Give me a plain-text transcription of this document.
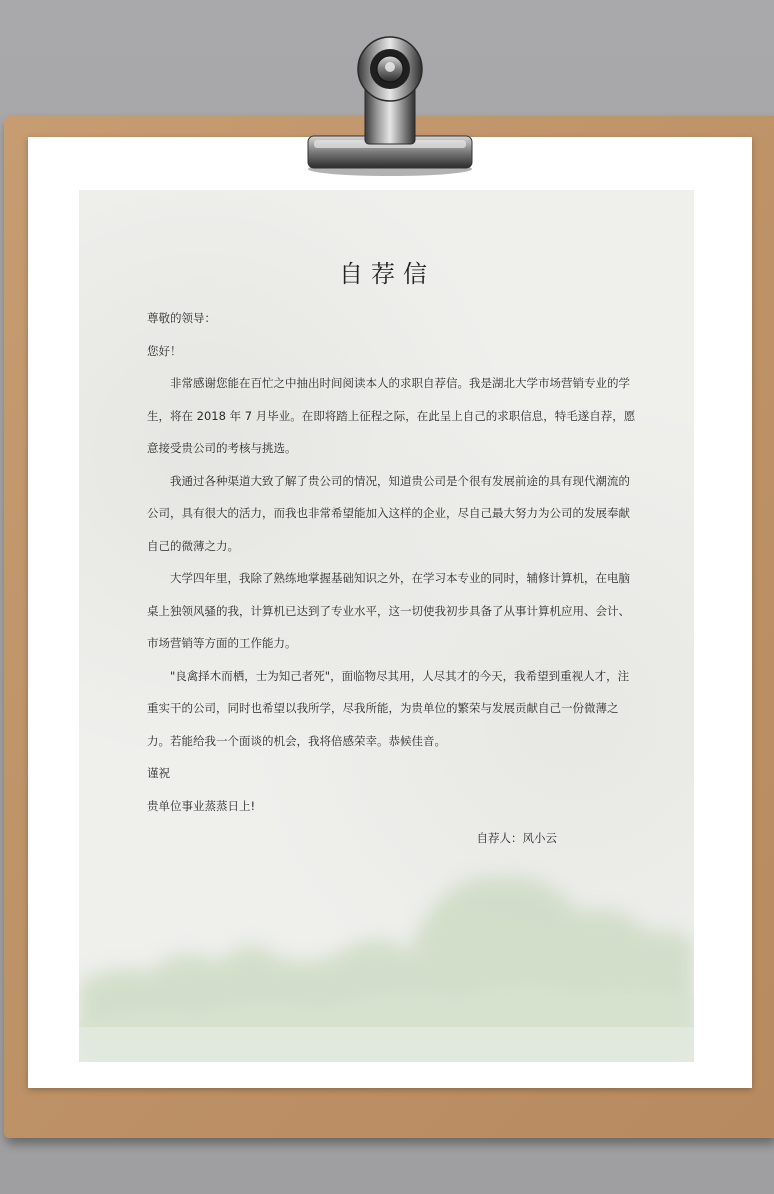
自荐信

尊敬的领导：

您好！

非常感谢您能在百忙之中抽出时间阅读本人的求职自荐信。我是湖北大学市场营销专业的学生，将在 2018 年 7 月毕业。在即将踏上征程之际，在此呈上自己的求职信息，特毛遂自荐，愿意接受贵公司的考核与挑选。

我通过各种渠道大致了解了贵公司的情况，知道贵公司是个很有发展前途的具有现代潮流的公司，具有很大的活力，而我也非常希望能加入这样的企业，尽自己最大努力为公司的发展奉献自己的微薄之力。

大学四年里，我除了熟练地掌握基础知识之外，在学习本专业的同时，辅修计算机，在电脑桌上独领风骚的我，计算机已达到了专业水平，这一切使我初步具备了从事计算机应用、会计、市场营销等方面的工作能力。

"良禽择木而栖，士为知己者死"，面临物尽其用，人尽其才的今天，我希望到重视人才，注重实干的公司，同时也希望以我所学，尽我所能，为贵单位的繁荣与发展贡献自己一份微薄之力。若能给我一个面谈的机会，我将倍感荣幸。恭候佳音。

谨祝

贵单位事业蒸蒸日上!

自荐人：风小云
